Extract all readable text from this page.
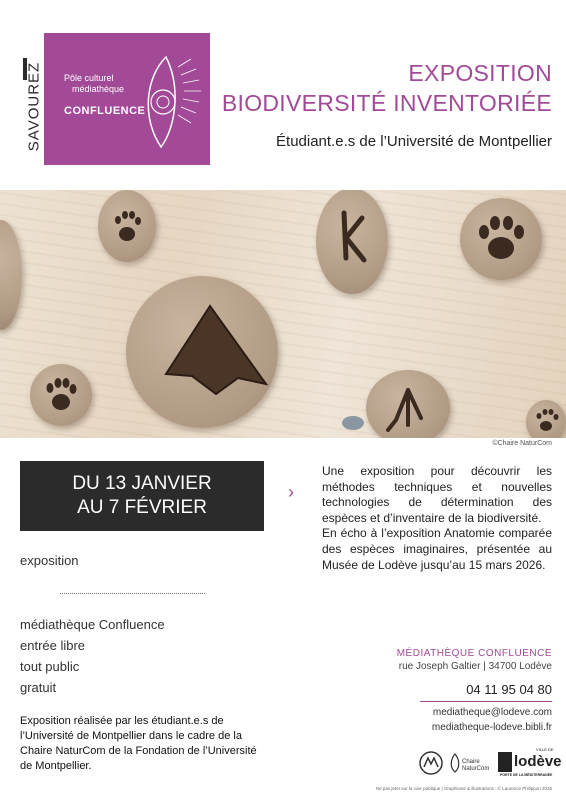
SAVOUREZ Pôle culturel
médiathèque
CONFLUENCE
EXPOSITION
BIODIVERSITÉ INVENTORIÉE
Étudiant.e.s de l’Université de Montpellier
©Chaire NaturCom
DU 13 JANVIER
AU 7 FÉVRIER
›

Une exposition pour découvrir les méthodes techniques et nouvelles technologies de détermination des espèces et d’inventaire de la biodiversité.

En écho à l’exposition Anatomie comparée des espèces imaginaires, présentée au Musée de Lodève jusqu’au 15 mars 2026.

exposition
médiathèque Confluence
entrée libre
tout public
gratuit
Exposition réalisée par les étudiant.e.s de l’Université de Montpellier dans le cadre de la Chaire NaturCom de la Fondation de l’Université de Montpellier.
MÉDIATHÈQUE CONFLUENCE
rue Joseph Galtier | 34700 Lodève
04 11 95 04 80
mediatheque@lodeve.com
mediatheque-lodeve.bibli.fr
Chaire NaturCom
VILLE DE
lodève
PORTE DE LA MÉDITERRANÉE
Ne pas jeter sur la voie publique | Graphisme & illustrations : © Laurence Philippon 2025
